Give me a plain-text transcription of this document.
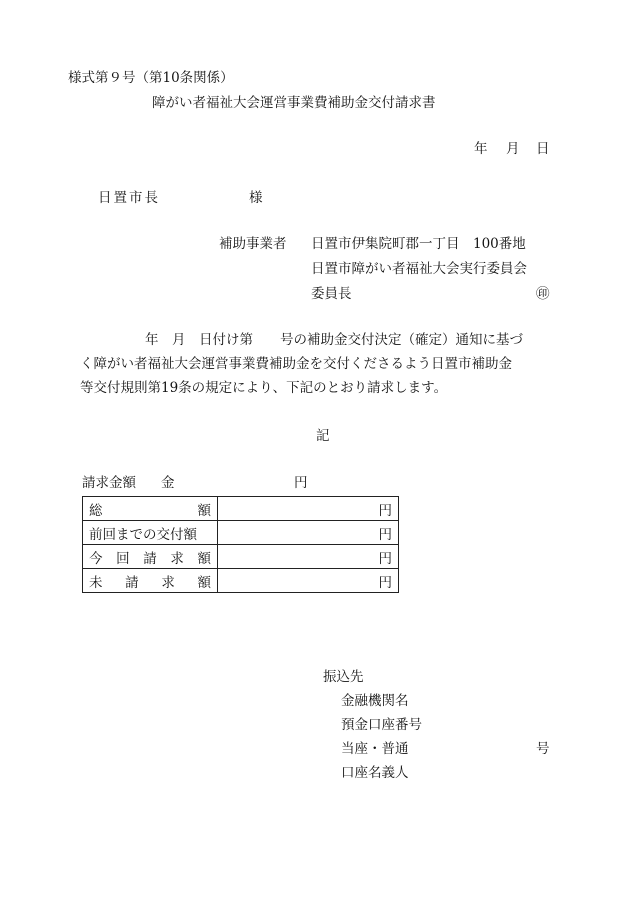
様式第９号（第10条関係）
障がい者福祉大会運営事業費補助金交付請求書
年 月 日
日置市長	様
補助事業者 日置市伊集院町郡一丁目　100番地
日置市障がい者福祉大会実行委員会
委員長	㊞
年　月　日付け第　　号の補助金交付決定（確定）通知に基づ
く障がい者福祉大会運営事業費補助金を交付くださるよう日置市補助金
等交付規則第19条の規定により、下記のとおり請求します。
記
請求金額 金	円
総 額	円

前回までの交付額	円

今 回 請 求 額	円

未 請 求 額	円
振込先
金融機関名
預金口座番号
当座・普通	号
口座名義人
